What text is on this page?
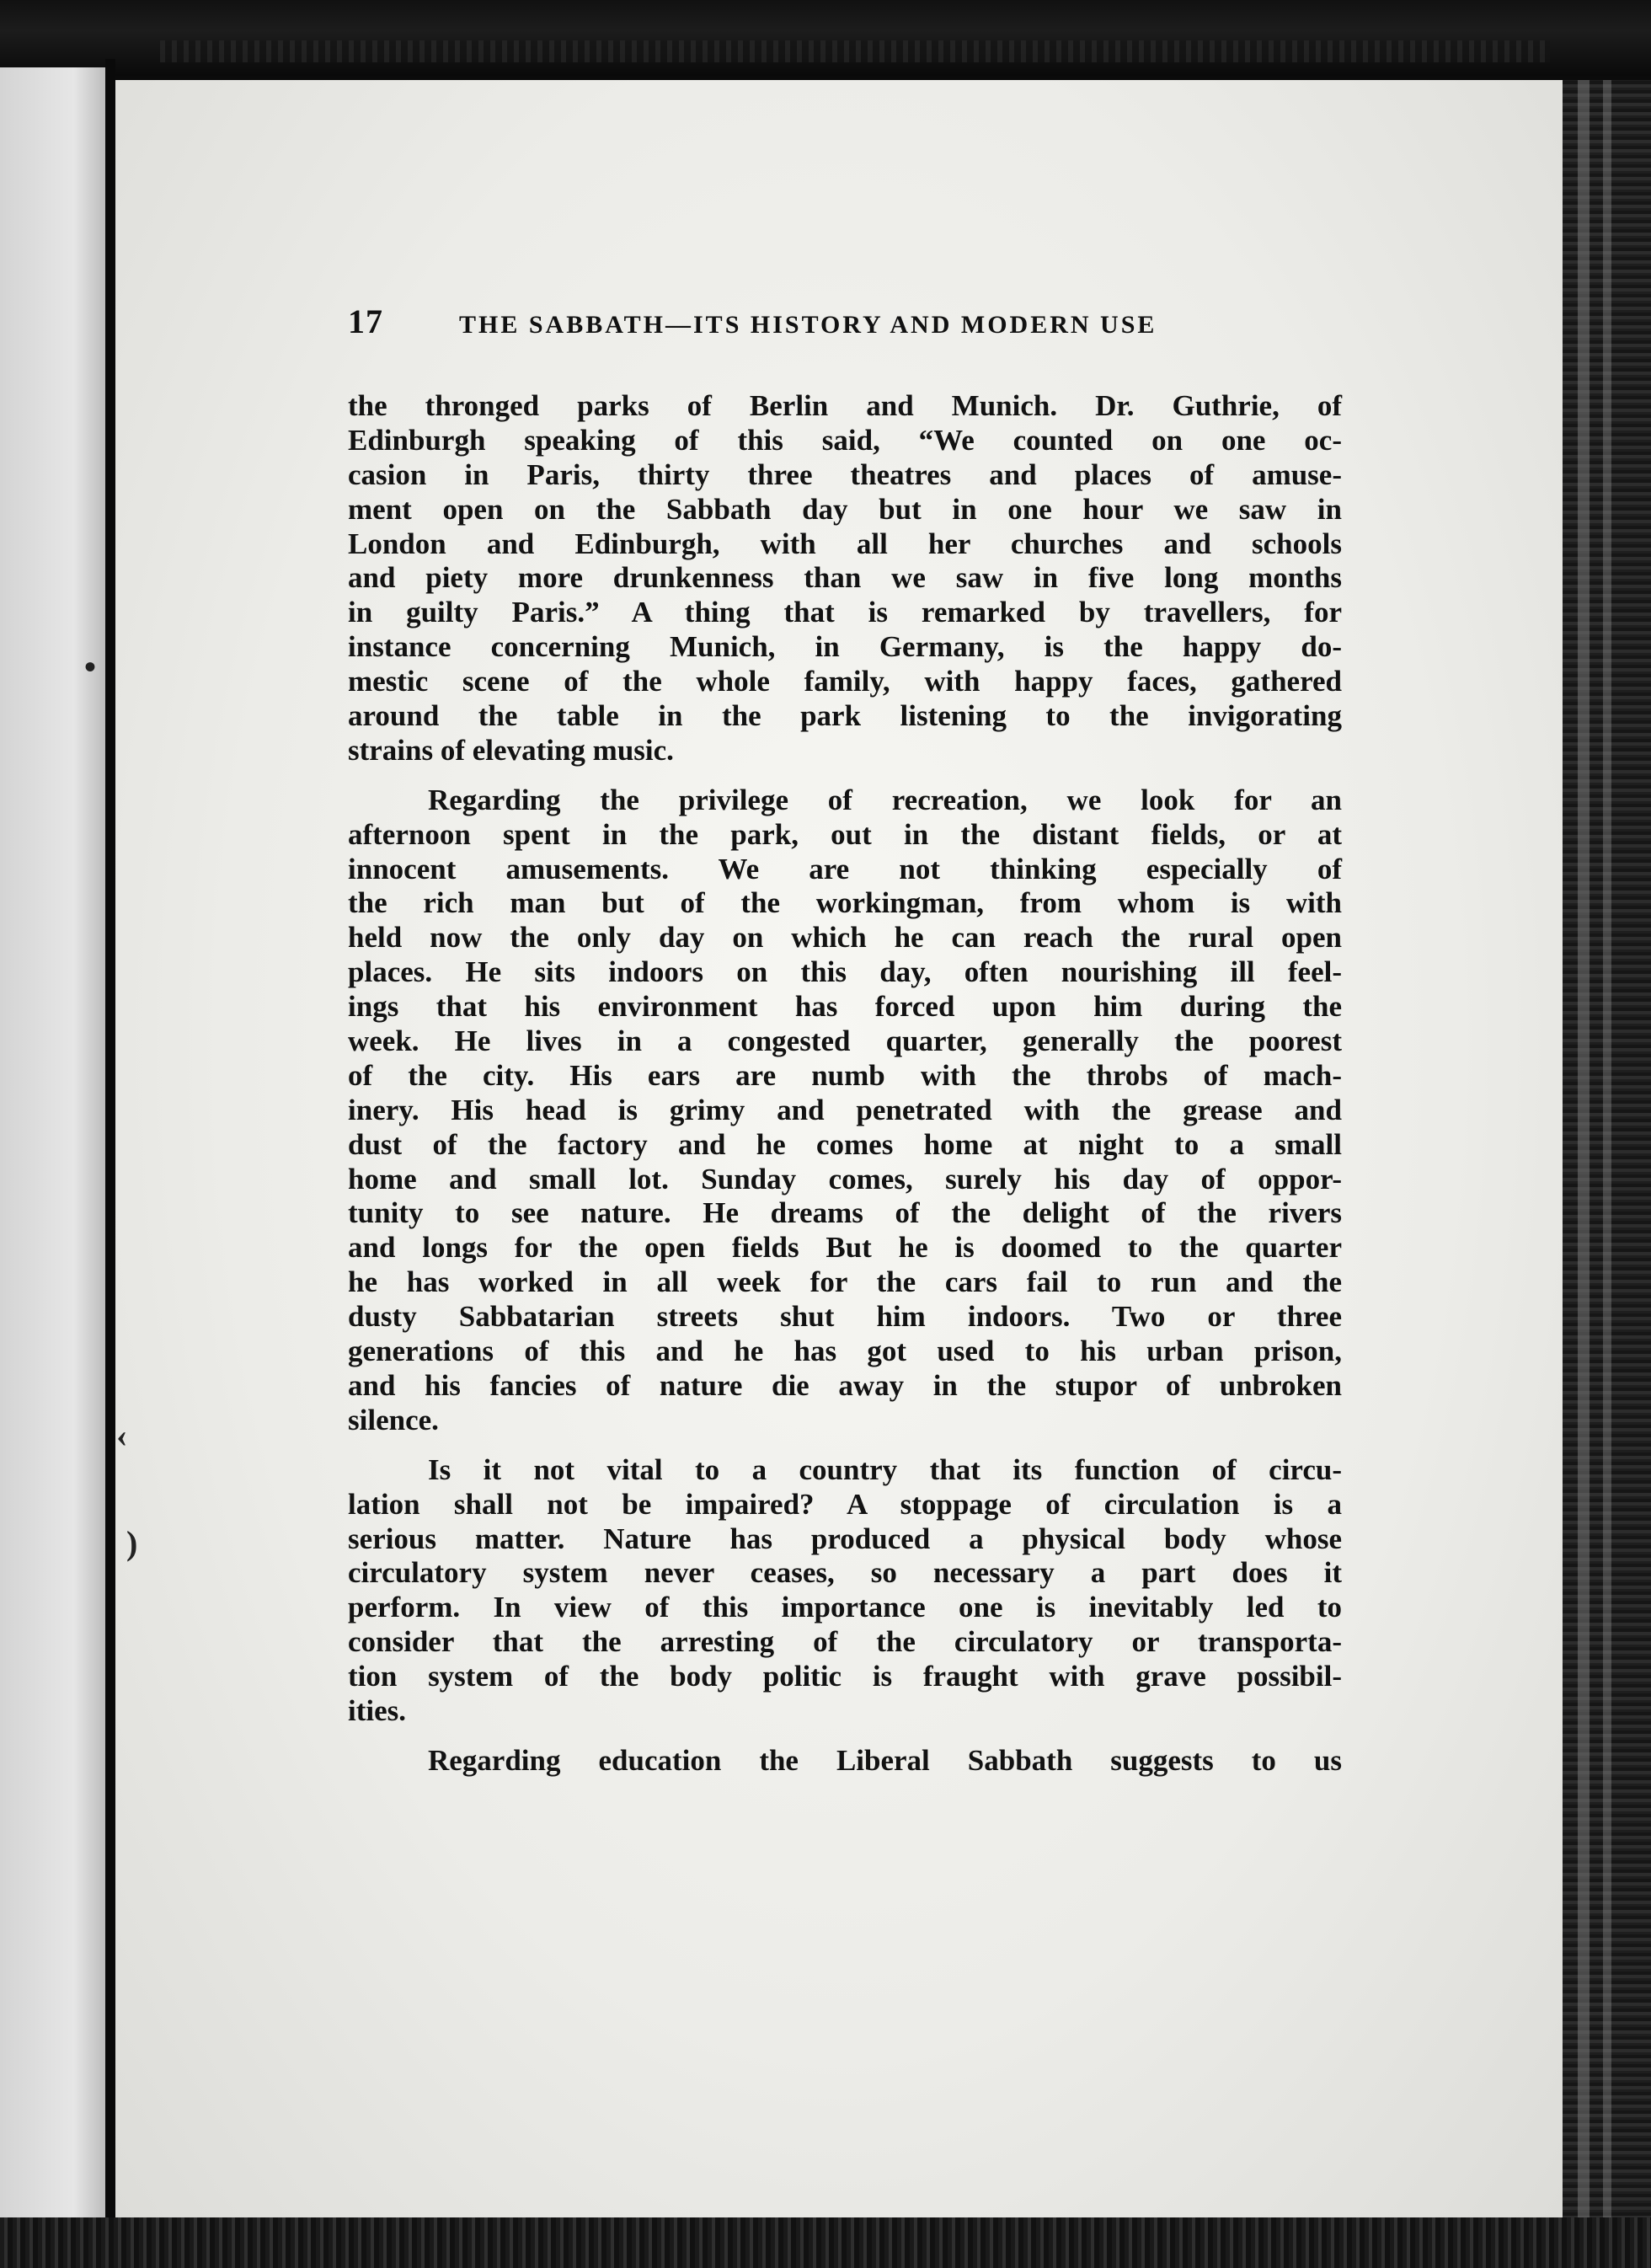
•
‹
)
17	THE SABBATH—ITS HISTORY AND MODERN USE
the thronged parks of Berlin and Munich. Dr. Guthrie, of
Edinburgh speaking of this said, “We counted on one oc-
casion in Paris, thirty three theatres and places of amuse-
ment open on the Sabbath day but in one hour we saw in
London and Edinburgh, with all her churches and schools
and piety more drunkenness than we saw in five long months
in guilty Paris.” A thing that is remarked by travellers, for
instance concerning Munich, in Germany, is the happy do-
mestic scene of the whole family, with happy faces, gathered
around the table in the park listening to the invigorating
strains of elevating music.
Regarding the privilege of recreation, we look for an
afternoon spent in the park, out in the distant fields, or at
innocent amusements. We are not thinking especially of
the rich man but of the workingman, from whom is with
held now the only day on which he can reach the rural open
places. He sits indoors on this day, often nourishing ill feel-
ings that his environment has forced upon him during the
week. He lives in a congested quarter, generally the poorest
of the city. His ears are numb with the throbs of mach-
inery. His head is grimy and penetrated with the grease and
dust of the factory and he comes home at night to a small
home and small lot. Sunday comes, surely his day of oppor-
tunity to see nature. He dreams of the delight of the rivers
and longs for the open fields But he is doomed to the quarter
he has worked in all week for the cars fail to run and the
dusty Sabbatarian streets shut him indoors. Two or three
generations of this and he has got used to his urban prison,
and his fancies of nature die away in the stupor of unbroken
silence.
Is it not vital to a country that its function of circu-
lation shall not be impaired? A stoppage of circulation is a
serious matter. Nature has produced a physical body whose
circulatory system never ceases, so necessary a part does it
perform. In view of this importance one is inevitably led to
consider that the arresting of the circulatory or transporta-
tion system of the body politic is fraught with grave possibil-
ities.
Regarding education the Liberal Sabbath suggests to us
